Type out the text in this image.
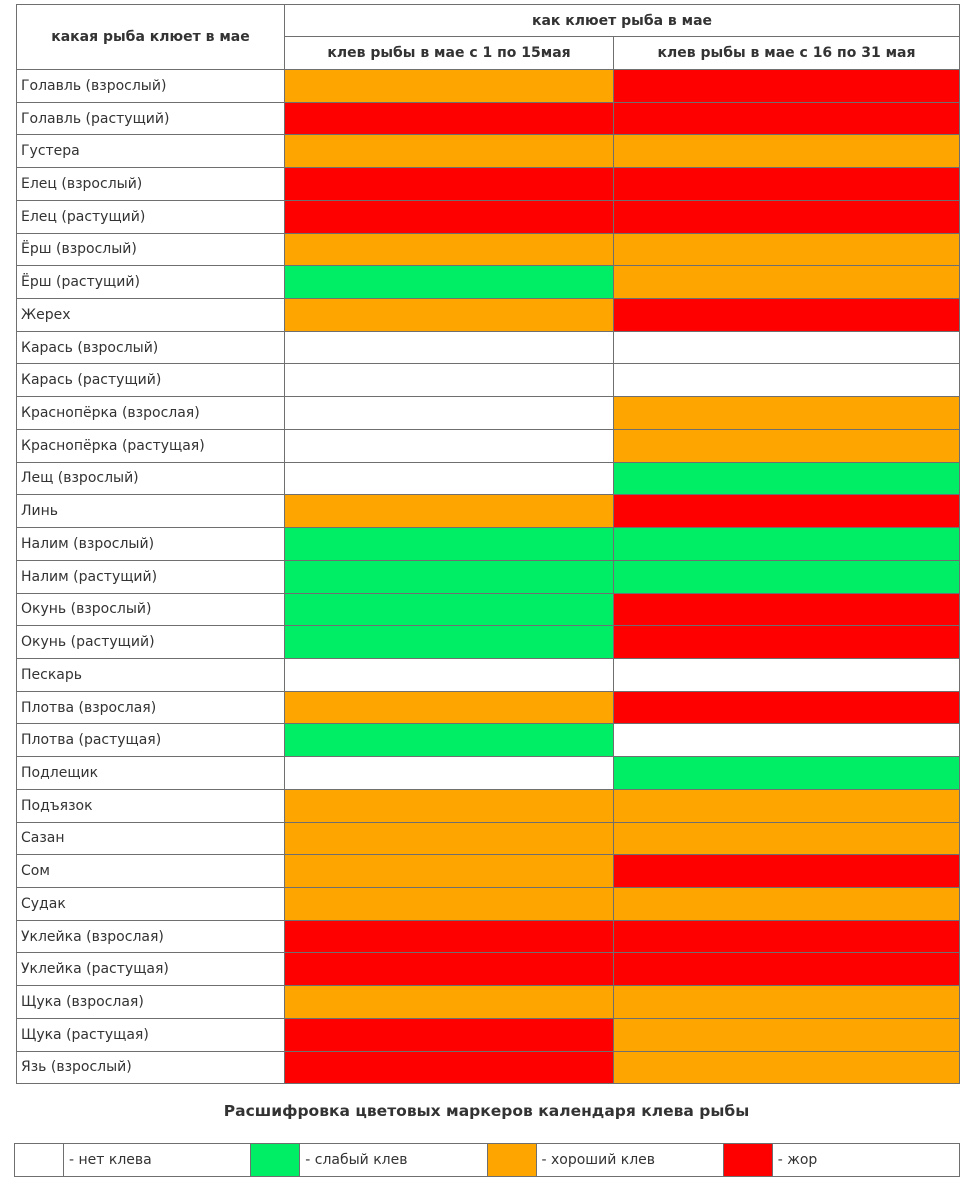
какая рыба клюет в мае	как клюет рыба в мае	
	клев рыбы в мае с 1 по 15мая	клев рыбы в мае с 16 по 31 мая
Голавль (взрослый)		
Голавль (растущий)		
Густера		
Елец (взрослый)		
Елец (растущий)		
Ёрш (взрослый)		
Ёрш (растущий)		
Жерех		
Карась (взрослый)		
Карась (растущий)		
Краснопёрка (взрослая)		
Краснопёрка (растущая)		
Лещ (взрослый)		
Линь		
Налим (взрослый)		
Налим (растущий)		
Окунь (взрослый)		
Окунь (растущий)		
Пескарь		
Плотва (взрослая)		
Плотва (растущая)		
Подлещик		
Подъязок		
Сазан		
Сом		
Судак		
Уклейка (взрослая)		
Уклейка (растущая)		
Щука (взрослая)		
Щука (растущая)		
Язь (взрослый)		
Расшифровка цветовых маркеров календаря клева рыбы
	- нет клева		- слабый клев		- хороший клев		- жор
